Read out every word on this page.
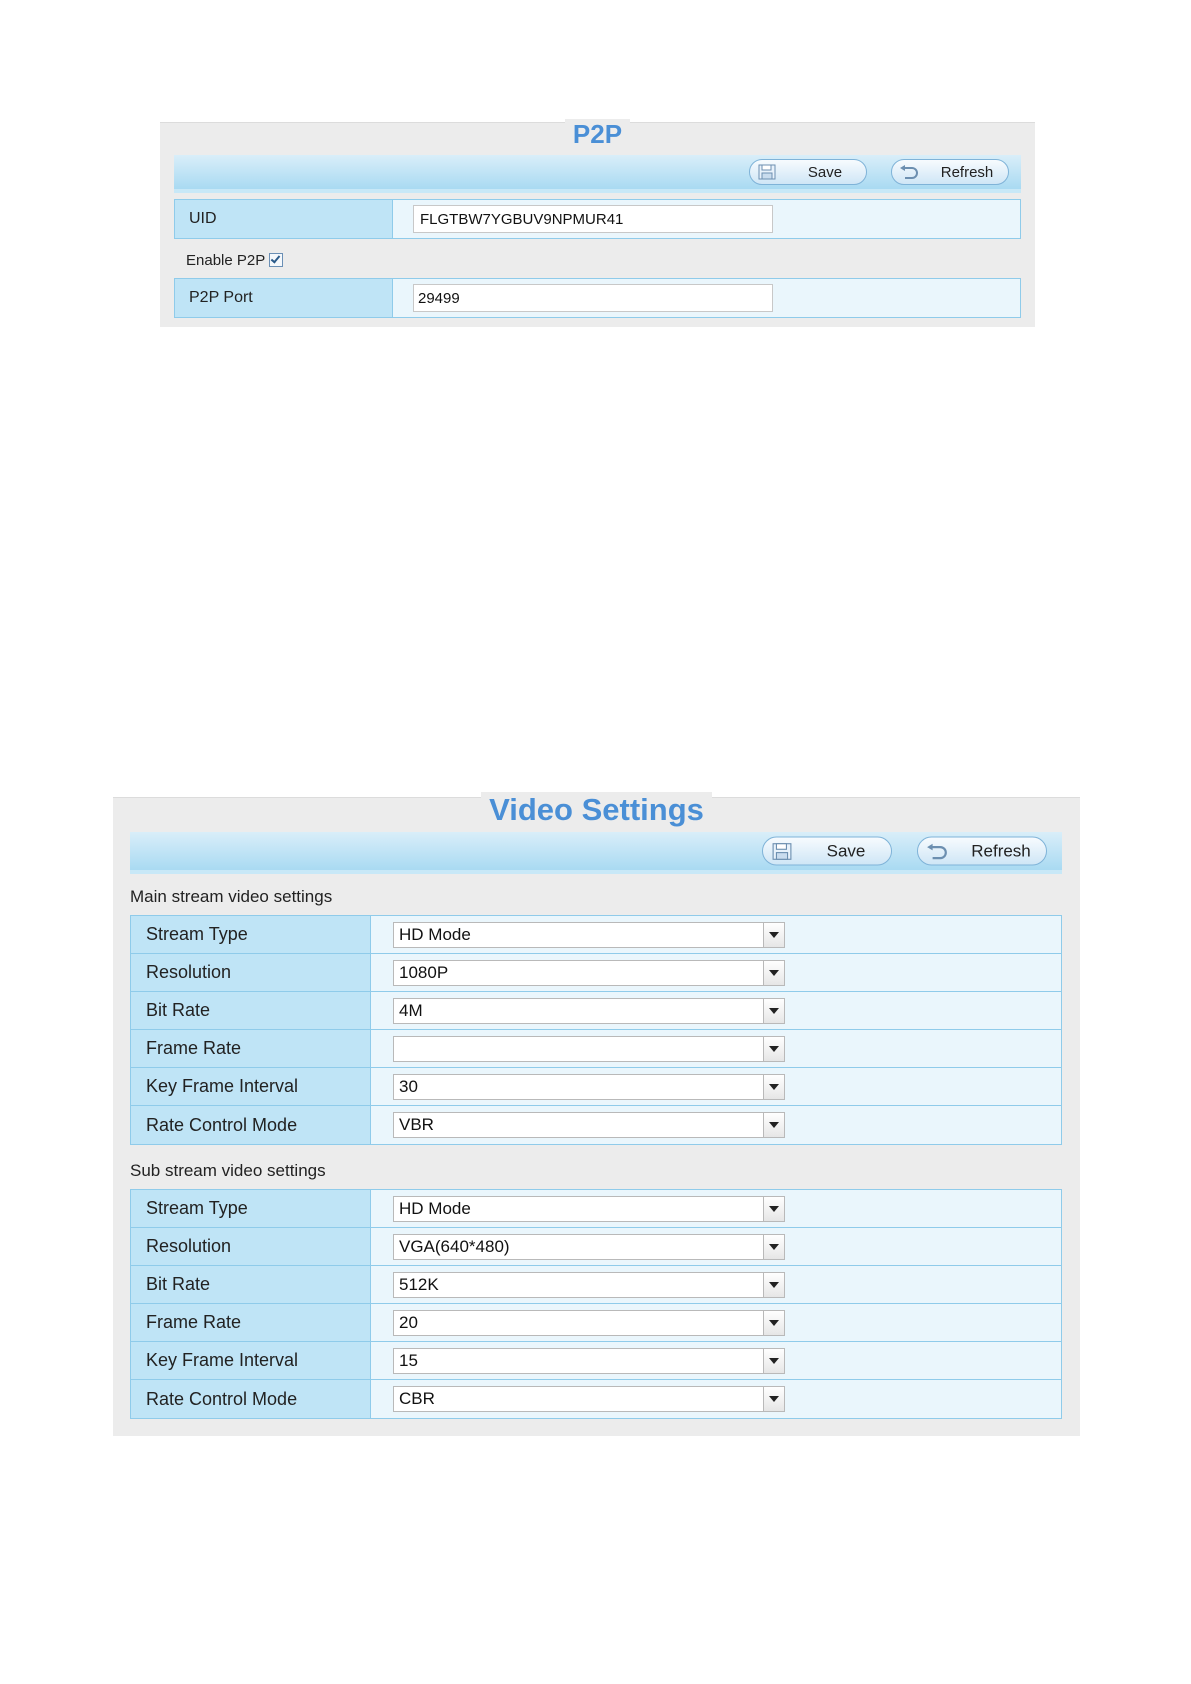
P2P
Save	Refresh
UID	FLGTBW7YGBUV9NPMUR41
Enable P2P
P2P Port	29499
Video Settings
Save	Refresh
Main stream video settings
Stream Type	HD Mode
Resolution	1080P
Bit Rate	4M
Frame Rate
Key Frame Interval	30
Rate Control Mode	VBR
Sub stream video settings
Stream Type	HD Mode
Resolution	VGA(640*480)
Bit Rate	512K
Frame Rate	20
Key Frame Interval	15
Rate Control Mode	CBR
